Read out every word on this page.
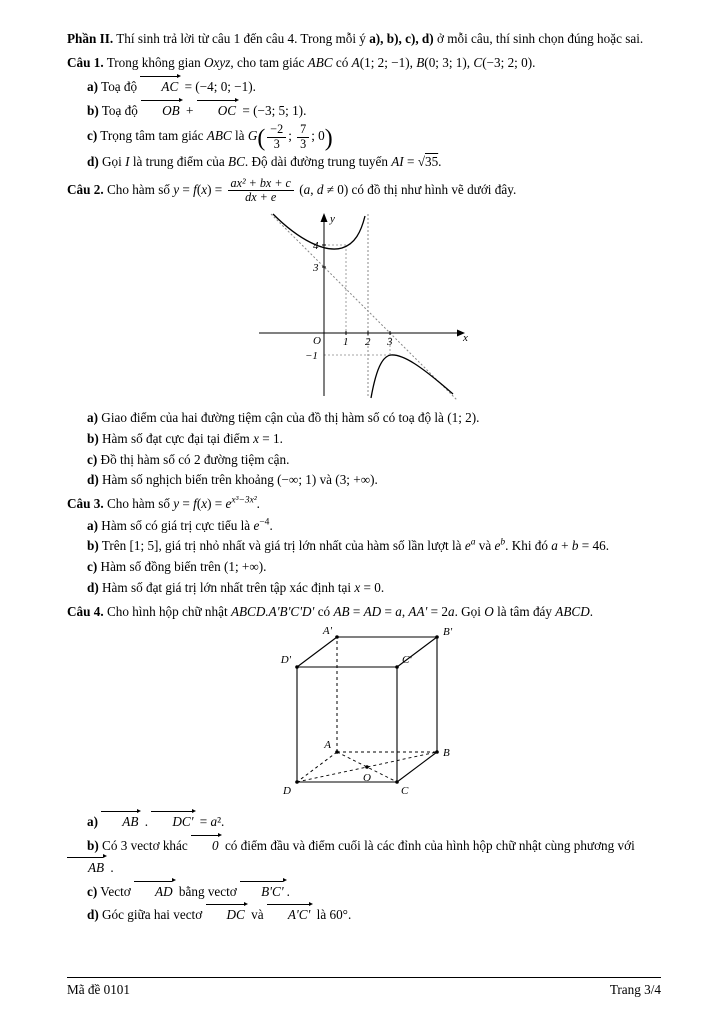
Phần II. Thí sinh trả lời từ câu 1 đến câu 4. Trong mỗi ý a), b), c), d) ở mỗi câu, thí sinh chọn đúng hoặc sai.

Câu 1. Trong không gian Oxyz, cho tam giác ABC có A(1; 2; −1), B(0; 3; 1), C(−3; 2; 0).

a) Toạ độ AC = (−4; 0; −1).

b) Toạ độ OB + OC = (−3; 5; 1).

c) Trọng tâm tam giác ABC là $G( \frac{-2}{3}$ ; $\frac{7}{3}$ ; 0)

d) Gọi I là trung điểm của BC. Độ dài đường trung tuyến AI = √35.

Câu 2. Cho hàm số $y = f(x) = \frac{\text{ax² + bx + c}}{dx + e} (a$, d ≠ 0) có đồ thị như hình vẽ dưới đây.

y
x
O 1 2 3
3
4
−1

a) Giao điểm của hai đường tiệm cận của đồ thị hàm số có toạ độ là (1; 2).

b) Hàm số đạt cực đại tại điểm x = 1.

c) Đồ thị hàm số có 2 đường tiệm cận.

d) Hàm số nghịch biến trên khoảng (−∞; 1) và (3; +∞).

Câu 3. Cho hàm số $y = f(x) = e^{x^3-3x^2}$.

a) Hàm số có giá trị cực tiểu là $e^{-4}$.

b) Trên [1; 5], giá trị nhỏ nhất và giá trị lớn nhất của hàm số lần lượt là $e^a$ và $e^b$. Khi đó a + b = 46.

c) Hàm số đồng biến trên (1; +∞).

d) Hàm số đạt giá trị lớn nhất trên tập xác định tại x = 0.

Câu 4. Cho hình hộp chữ nhật ABCD.A'B'C'D' có AB = AD = a, AA' = 2a. Gọi O là tâm đáy ABCD.

A'	B'
C'
D'
A
B
C
D
O

a) AB . DC' = a².

b) Có 3 vectơ khác 0 có điểm đầu và điểm cuối là các đỉnh của hình hộp chữ nhật cùng phương với AB .

c) Vectơ AD bằng vectơ B'C' .

d) Góc giữa hai vectơ DC và A'C' là 60°.

Mã đề 0101	Trang 3/4
